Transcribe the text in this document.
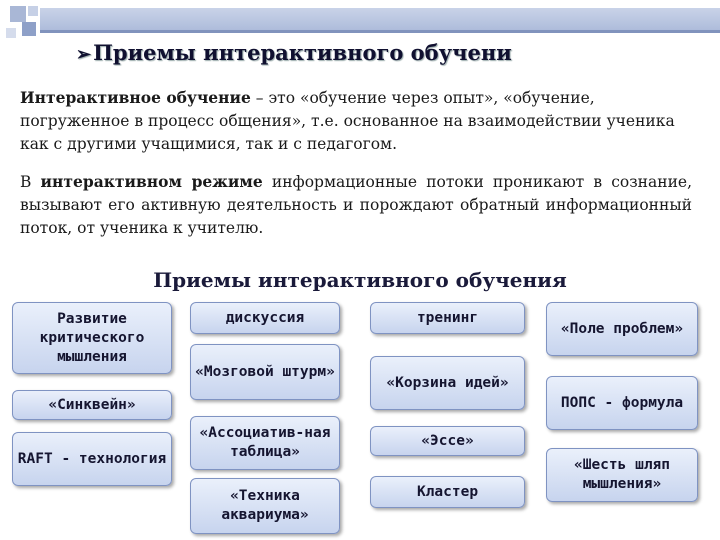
➢Приемы интерактивного обучени
Интерактивное обучение – это «обучение через опыт», «обучение, погруженное в процесс общения», т.е. основанное на взаимодействии ученика как с другими учащимися, так и с педагогом.
В интерактивном режиме информационные потоки проникают в сознание, вызывают его активную деятельность и порождают обратный информационный поток, от ученика к учителю.
Приемы интерактивного обучения
Развитие критического мышления
«Синквейн»
RAFT - технология
дискуссия
«Мозговой штурм»
«Ассоциатив-ная таблица»
«Техника аквариума»
тренинг
«Корзина идей»
«Эссе»
Кластер
«Поле проблем»
ПОПС - формула
«Шесть шляп мышления»
